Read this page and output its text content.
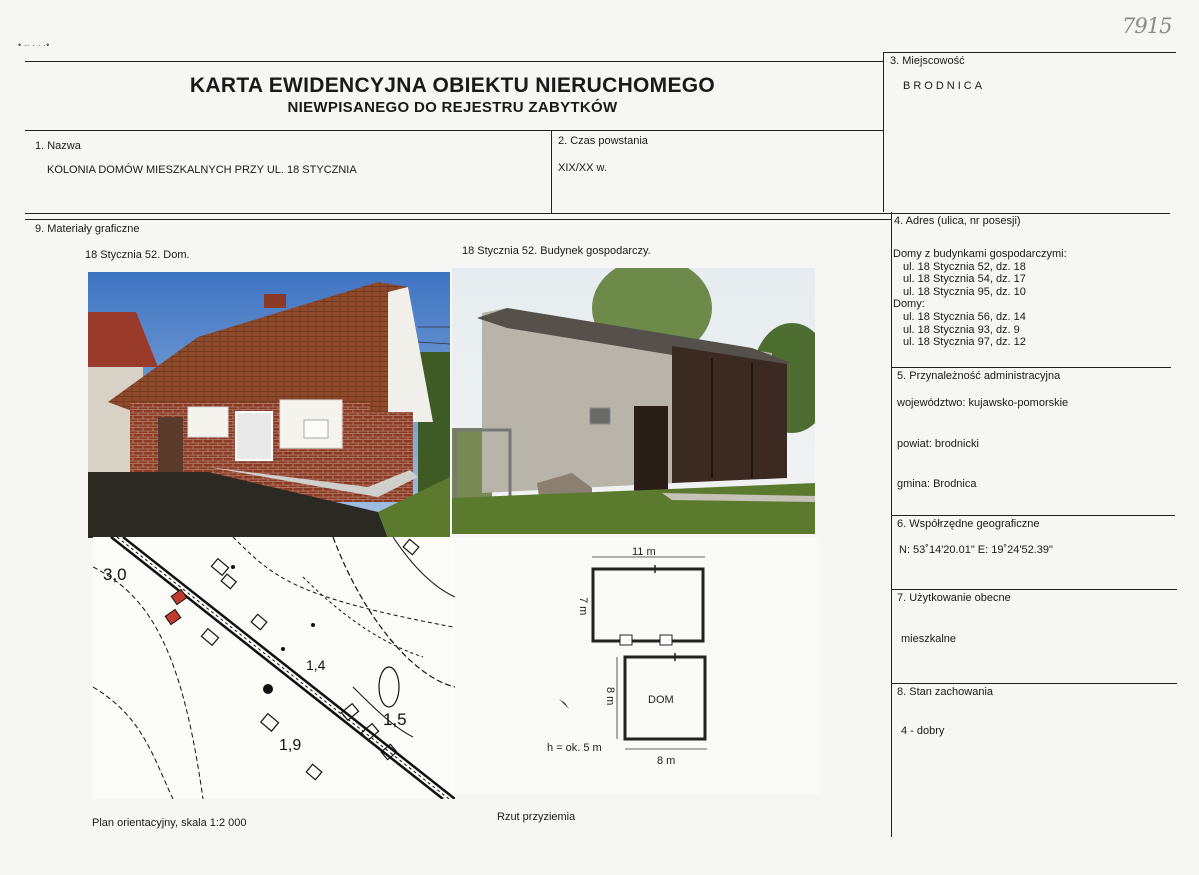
7915
• ·· · · ·•
KARTA EWIDENCYJNA OBIEKTU NIERUCHOMEGO
NIEWPISANEGO DO REJESTRU ZABYTKÓW
1. Nazwa
KOLONIA DOMÓW MIESZKALNYCH PRZY UL. 18 STYCZNIA
2. Czas powstania
XIX/XX w.
3. Miejscowość
BRODNICA
4. Adres (ulica, nr posesji)
Domy z budynkami gospodarczymi:
ul. 18 Stycznia 52, dz. 18
ul. 18 Stycznia 54, dz. 17
ul. 18 Stycznia 95, dz. 10
Domy:
ul. 18 Stycznia 56, dz. 14
ul. 18 Stycznia 93, dz. 9
ul. 18 Stycznia 97, dz. 12
5. Przynależność administracyjna
województwo: kujawsko-pomorskie
powiat: brodnicki
gmina: Brodnica
6. Współrzędne geograficzne
N: 53˚14'20.01" E: 19˚24'52.39"
7. Użytkowanie obecne
mieszkalne
8. Stan zachowania
4 - dobry
9. Materiały graficzne
18 Stycznia 52. Dom.	18 Stycznia 52. Budynek gospodarczy.
Plan orientacyjny, skala 1:2 000	Rzut przyziemia
3,0
1,4
1,5
1,9
11 m
7 m
DOM
8 m
8 m
h = ok. 5 m
